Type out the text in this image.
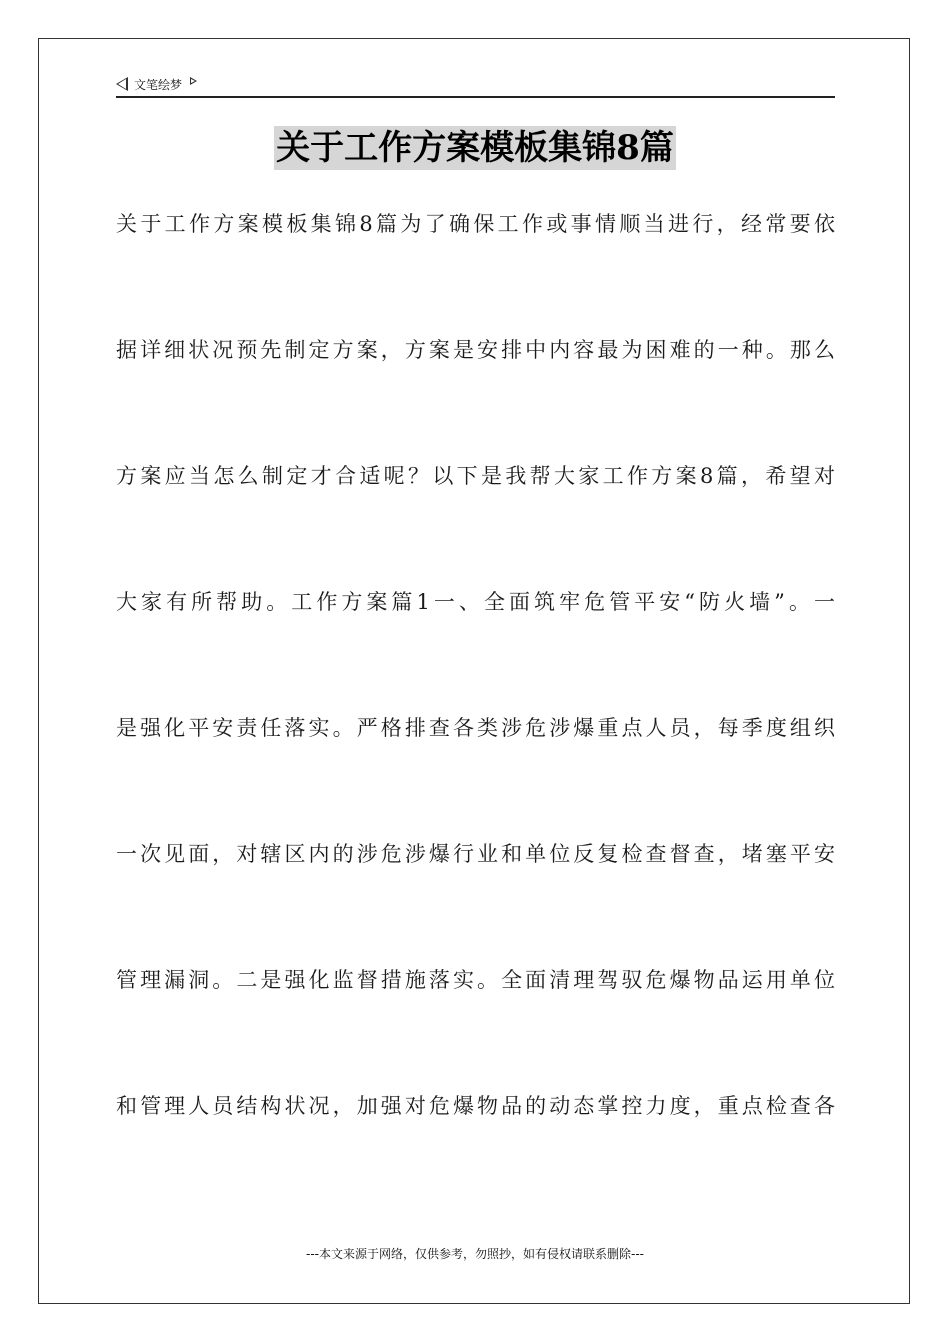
文笔绘梦
关于工作方案模板集锦8篇
关于工作方案模板集锦8篇为了确保工作或事情顺当进行，经常要依
据详细状况预先制定方案，方案是安排中内容最为困难的一种。那么
方案应当怎么制定才合适呢？以下是我帮大家工作方案8篇，希望对
大家有所帮助。工作方案篇1一、全面筑牢危管平安“防火墙”。一
是强化平安责任落实。严格排查各类涉危涉爆重点人员，每季度组织
一次见面，对辖区内的涉危涉爆行业和单位反复检查督查，堵塞平安
管理漏洞。二是强化监督措施落实。全面清理驾驭危爆物品运用单位
和管理人员结构状况，加强对危爆物品的动态掌控力度，重点检查各
---本文来源于网络，仅供参考，勿照抄，如有侵权请联系删除---
